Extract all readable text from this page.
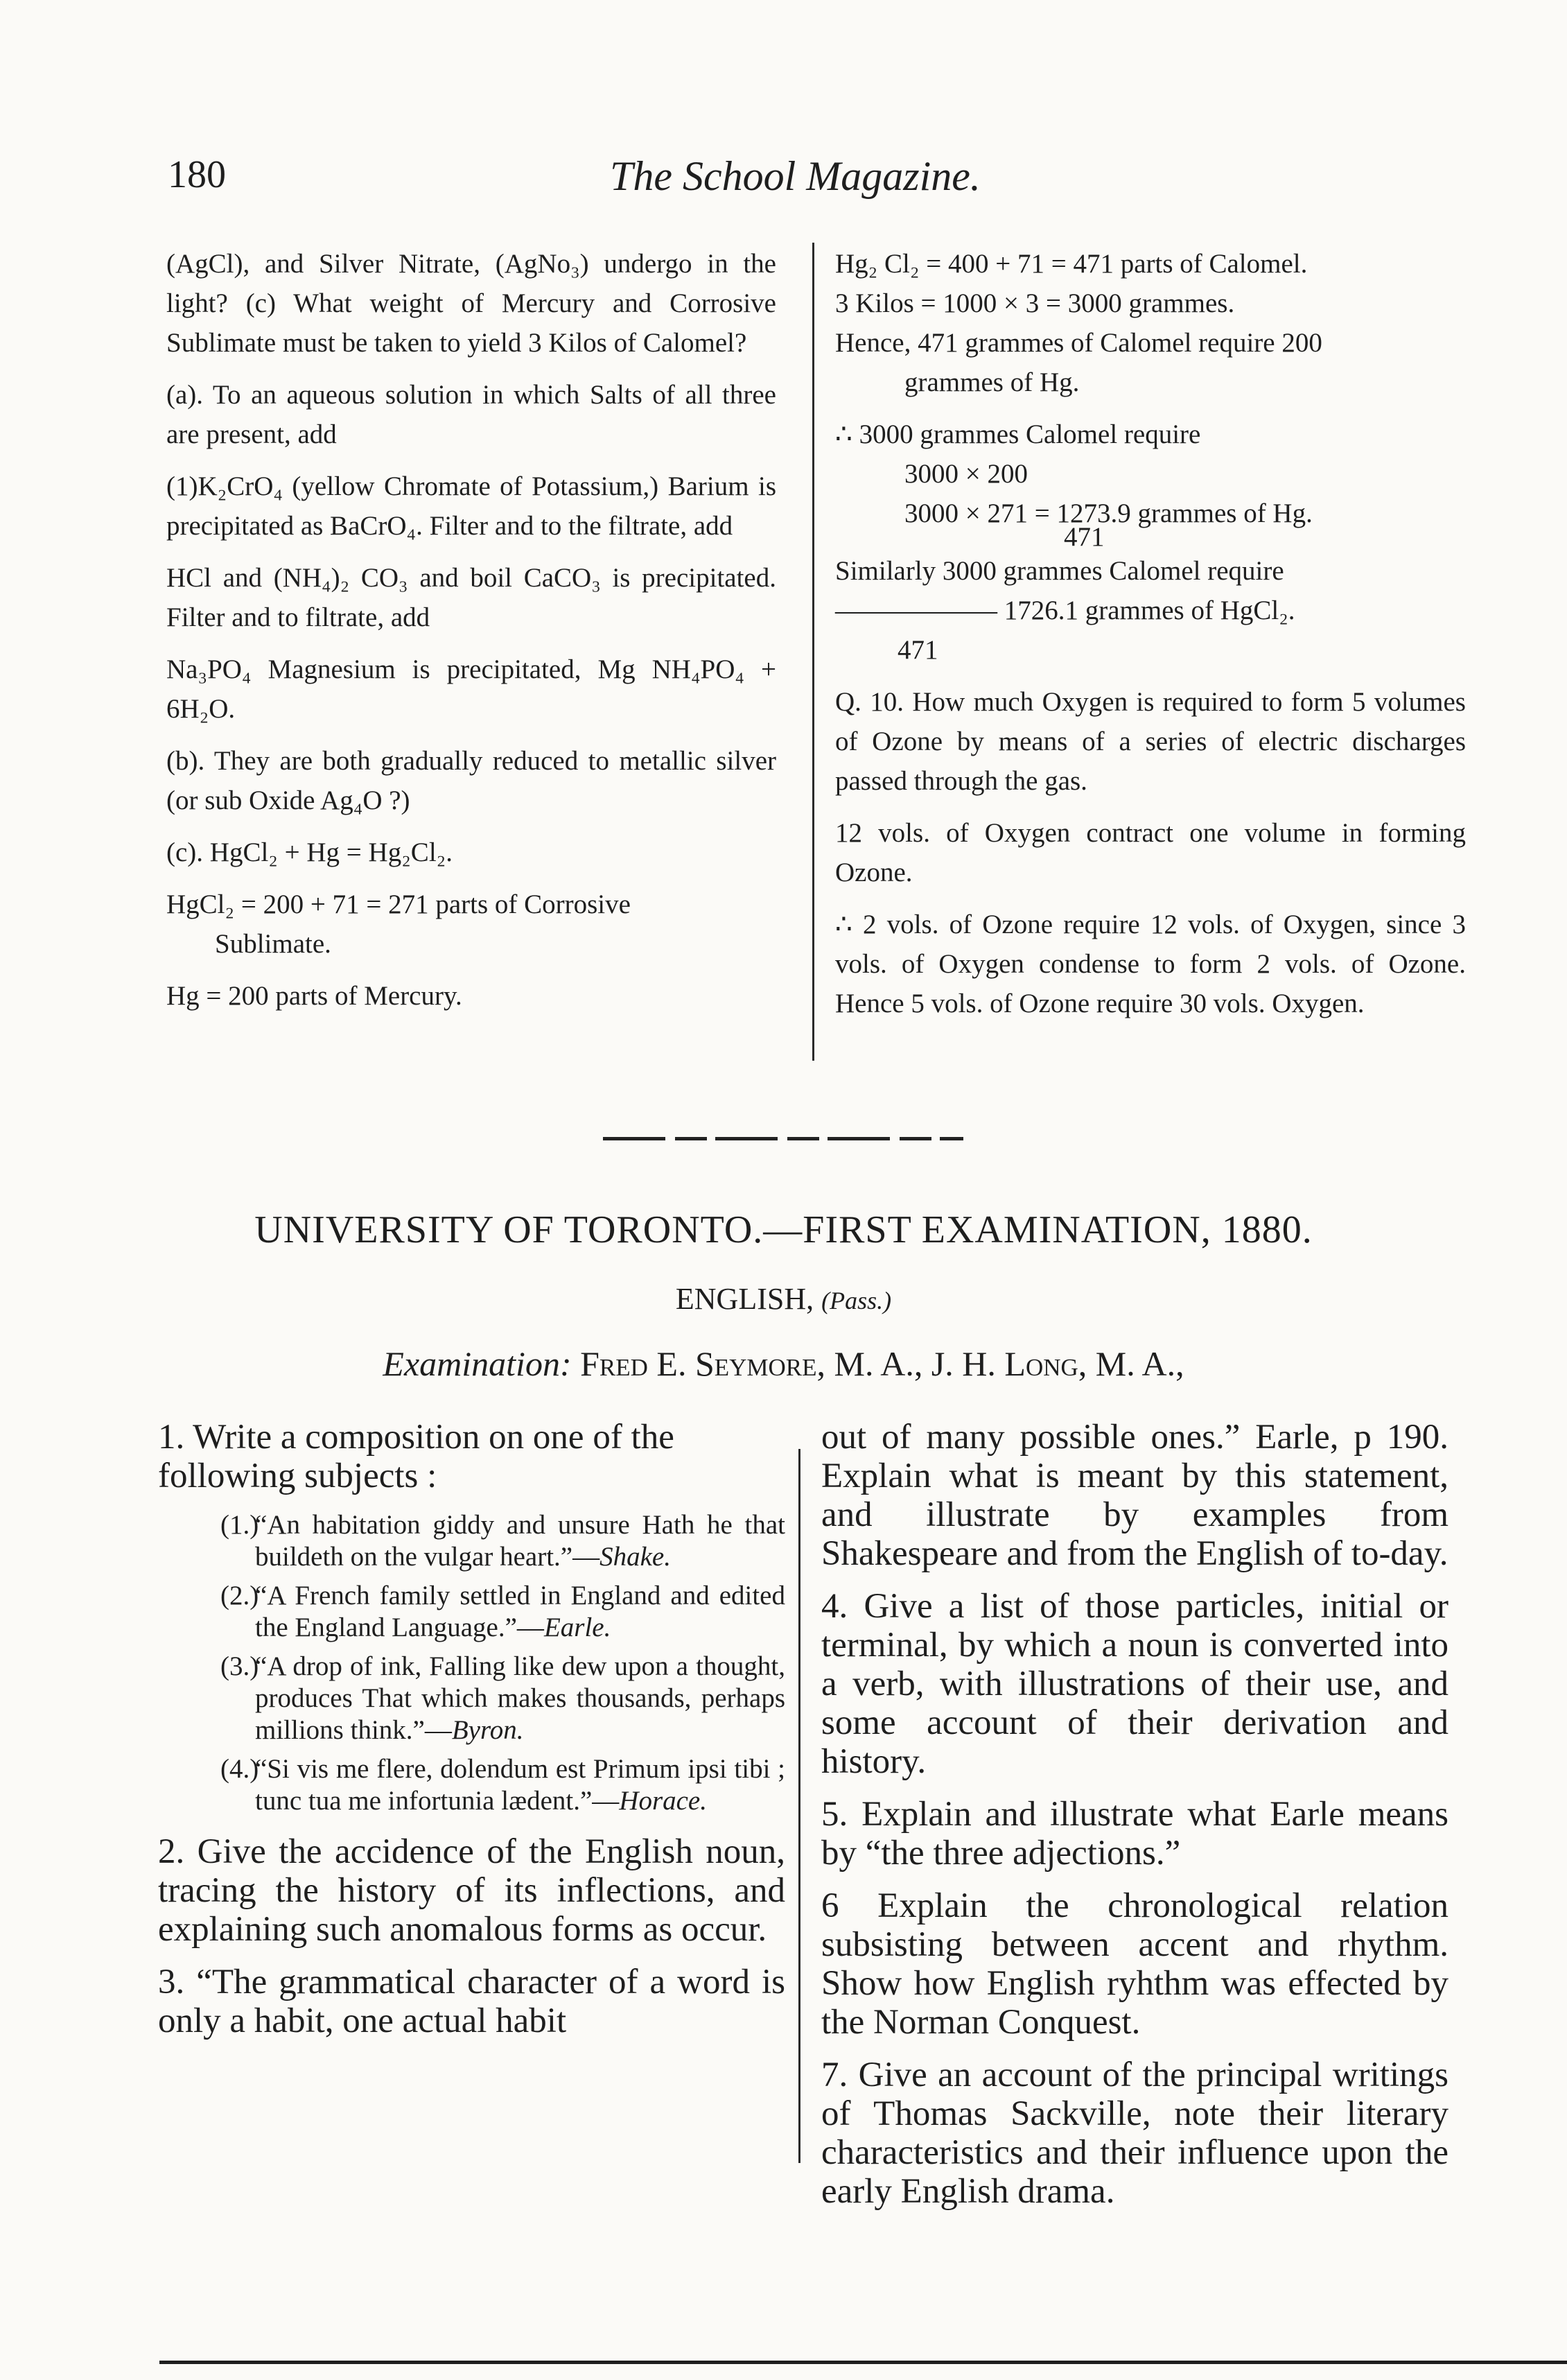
180	The School Magazine.

(AgCl), and Silver Nitrate, (AgNo₃) undergo in the light? (c) What weight of Mercury and Corrosive Sublimate must be taken to yield 3 Kilos of Calomel?

(a). To an aqueous solution in which Salts of all three are present, add

(1)K₂CrO₄ (yellow Chromate of Potassium,) Barium is precipitated as BaCrO₄. Filter and to the filtrate, add

HCl and (NH₄)₂ CO₃ and boil CaCO₃ is precipitated. Filter and to filtrate, add

Na₃PO₄ Magnesium is precipitated, Mg NH₄PO₄ + 6H₂O.

(b). They are both gradually reduced to metallic silver (or sub Oxide Ag₄O ?)

(c). HgCl₂ + Hg = Hg₂Cl₂.

HgCl₂ = 200 + 71 = 271 parts of Corrosive

Sublimate.

Hg = 200 parts of Mercury.

Hg₂ Cl₂ = 400 + 71 = 471 parts of Calomel.

3 Kilos = 1000 × 3 = 3000 grammes.

Hence, 471 grammes of Calomel require 200

grammes of Hg.

∴ 3000 grammes Calomel require

3000 × 200

3000 × 271 = 1273.9 grammes of Hg.

471

Similarly 3000 grammes Calomel require

—————— 1726.1 grammes of HgCl₂.

471

Q. 10. How much Oxygen is required to form 5 volumes of Ozone by means of a series of electric discharges passed through the gas.

12 vols. of Oxygen contract one volume in forming Ozone.

∴ 2 vols. of Ozone require 12 vols. of Oxygen, since 3 vols. of Oxygen condense to form 2 vols. of Ozone. Hence 5 vols. of Ozone require 30 vols. Oxygen.

UNIVERSITY OF TORONTO.—FIRST EXAMINATION, 1880.
ENGLISH, (Pass.)
Examination: Fred E. Seymore, M. A., J. H. Long, M. A.,

1. Write a composition on one of the following subjects :

(1.)
“An habitation giddy and unsure Hath he that buildeth on the vulgar heart.”—Shake.
(2.)
“A French family settled in England and edited the England Language.”—Earle.
(3.)
“A drop of ink, Falling like dew upon a thought, produces That which makes thousands, perhaps millions think.”—Byron.
(4.)
“Si vis me flere, dolendum est Primum ipsi tibi ; tunc tua me infortunia lædent.”—Horace.

2. Give the accidence of the English noun, tracing the history of its inflections, and explaining such anomalous forms as occur.

3. “The grammatical character of a word is only a habit, one actual habit

out of many possible ones.” Earle, p 190. Explain what is meant by this statement, and illustrate by examples from Shakespeare and from the English of to-day.

4. Give a list of those particles, initial or terminal, by which a noun is converted into a verb, with illustrations of their use, and some account of their derivation and history.

5. Explain and illustrate what Earle means by “the three adjections.”

6 Explain the chronological relation subsisting between accent and rhythm. Show how English ryhthm was effected by the Norman Conquest.

7. Give an account of the principal writings of Thomas Sackville, note their literary characteristics and their influence upon the early English drama.
